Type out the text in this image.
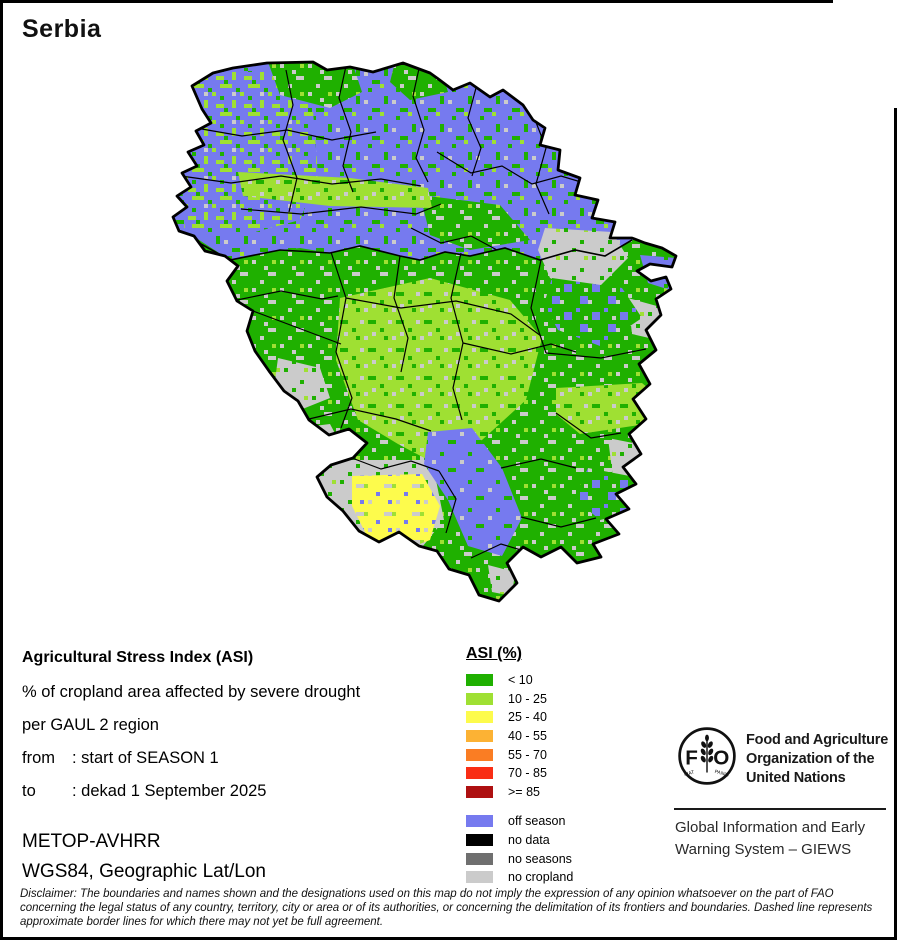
Serbia
ASI (%)
< 10
10 - 25
25 - 40
40 - 55
55 - 70
70 - 85
>= 85
off season
no data
no seasons
no cropland
Agricultural Stress Index (ASI)
% of cropland area affected by severe drought
per GAUL 2 region
from	: start of SEASON 1
to	: dekad 1 September 2025
METOP-AVHRR
WGS84, Geographic Lat/Lon
Disclaimer: The boundaries and names shown and the designations used on this map do not imply the expression of any opinion whatsoever on the part of FAO concerning the legal status of any country, territory, city or area or of its authorities, or concerning the delimitation of its frontiers and boundaries. Dashed line represents approximate border lines for which there may not yet be full agreement.
F O
FIAT	PANIS
Food and Agriculture
Organization of the
United Nations
Global Information and Early
Warning System – GIEWS
